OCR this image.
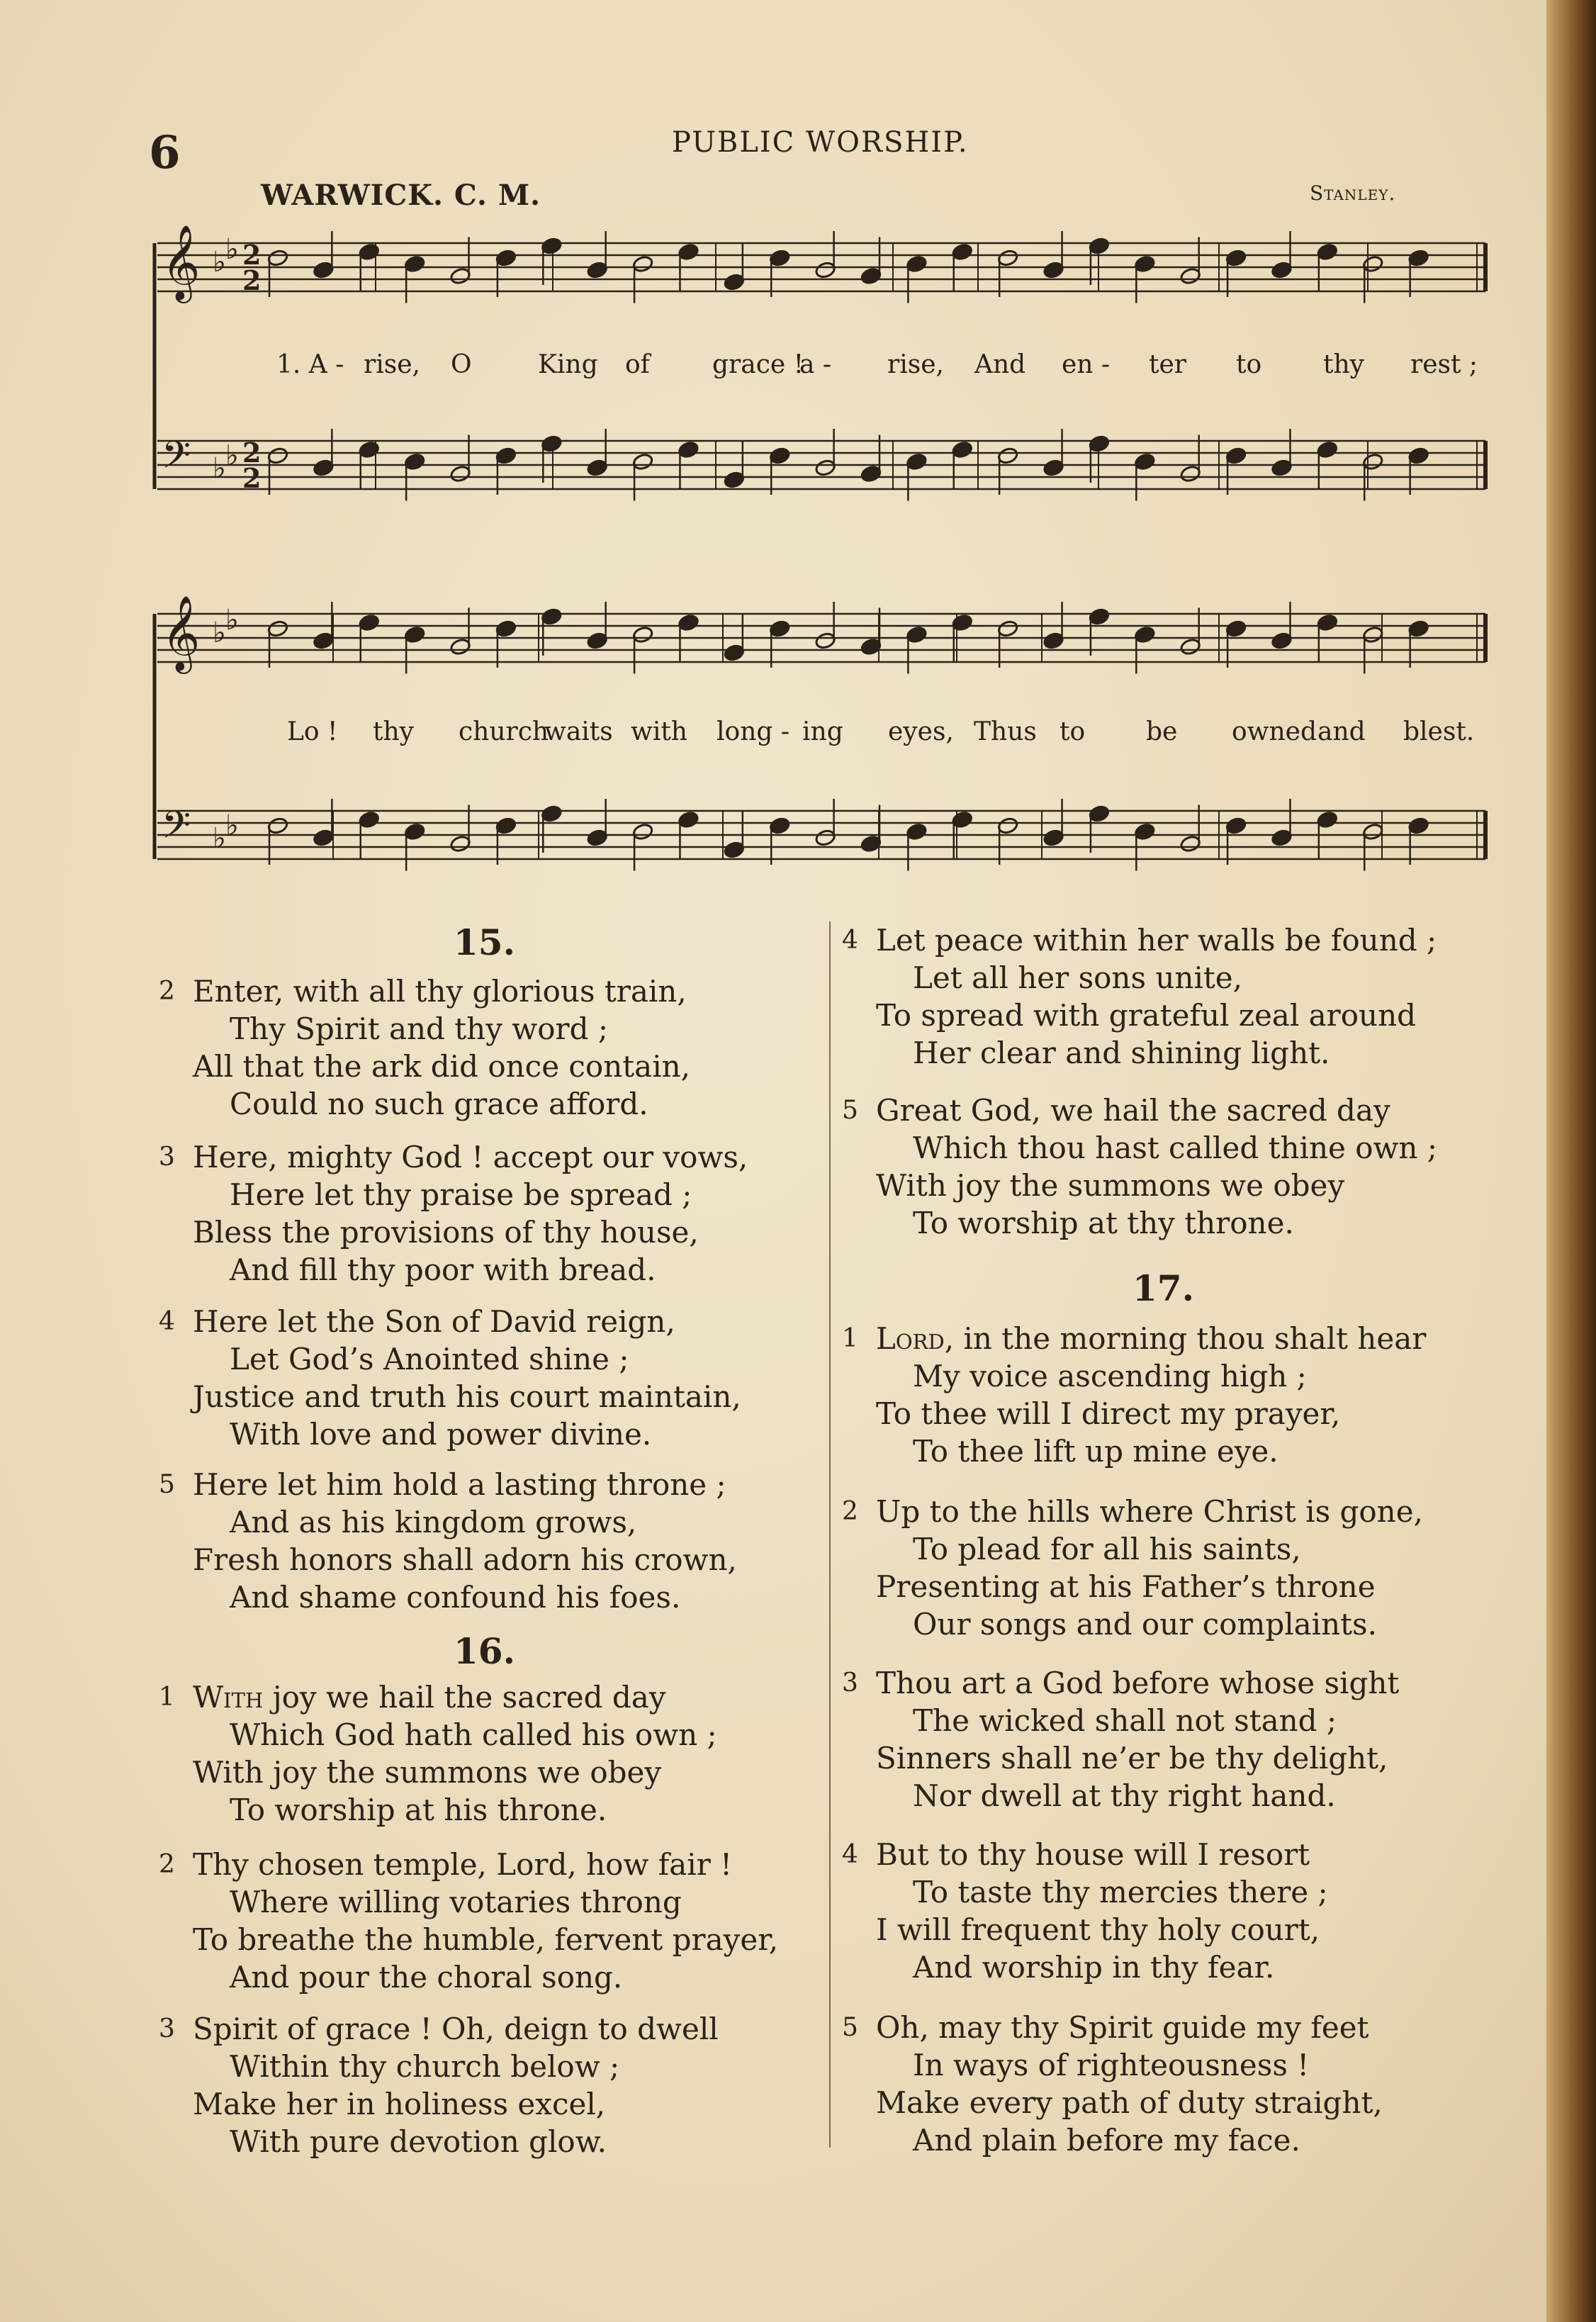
6	PUBLIC WORSHIP.
WARWICK. C. M.	Stanley.
𝄞 ♭ ♭ 2
2
𝄢 ♭ ♭ 2
2
𝄞 ♭ ♭
𝄢 ♭ ♭
1. A - rise, O	King of grace !
a - rise, And en - ter to thy rest ;
Lo ! thy church
waits with long - ing eyes, Thus to be owned and blest.
15.
2 Enter, with all thy glorious train,
Thy Spirit and thy word ;
All that the ark did once contain,
Could no such grace afford.
3 Here, mighty God ! accept our vows,
Here let thy praise be spread ;
Bless the provisions of thy house,
And fill thy poor with bread.
4 Here let the Son of David reign,
Let God’s Anointed shine ;
Justice and truth his court maintain,
With love and power divine.
5 Here let him hold a lasting throne ;
And as his kingdom grows,
Fresh honors shall adorn his crown,
And shame confound his foes.
16.
1 With joy we hail the sacred day
Which God hath called his own ;
With joy the summons we obey
To worship at his throne.
2 Thy chosen temple, Lord, how fair !
Where willing votaries throng
To breathe the humble, fervent prayer,
And pour the choral song.
3 Spirit of grace ! Oh, deign to dwell
Within thy church below ;
Make her in holiness excel,
With pure devotion glow.
4 Let peace within her walls be found ;
Let all her sons unite,
To spread with grateful zeal around
Her clear and shining light.
5 Great God, we hail the sacred day
Which thou hast called thine own ;
With joy the summons we obey
To worship at thy throne.
17.
1 Lord, in the morning thou shalt hear
My voice ascending high ;
To thee will I direct my prayer,
To thee lift up mine eye.
2 Up to the hills where Christ is gone,
To plead for all his saints,
Presenting at his Father’s throne
Our songs and our complaints.
3 Thou art a God before whose sight
The wicked shall not stand ;
Sinners shall ne’er be thy delight,
Nor dwell at thy right hand.
4 But to thy house will I resort
To taste thy mercies there ;
I will frequent thy holy court,
And worship in thy fear.
5 Oh, may thy Spirit guide my feet
In ways of righteousness !
Make every path of duty straight,
And plain before my face.
